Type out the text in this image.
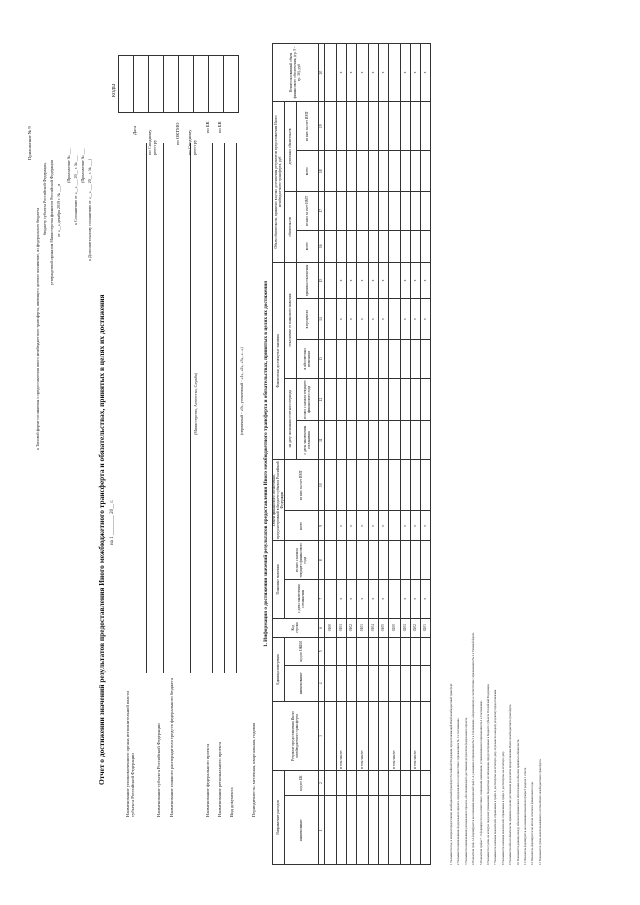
Приложение № 9
к Типовой форме соглашения о предоставлении иного межбюджетного трансферта, имеющего целевое назначение, из федерального бюджета
бюджету субъекта Российской Федерации, утвержденной приказом Министерства финансов Российской Федерации от «__» декабря 2019 г. № ___н
(Приложение № ___ к Соглашению от «__» ___ 20__ г. № ___ (Приложение № ___ к Дополнительному соглашению от «__» ___ 20__ г. № ___)
Отчет о достижении значений результатов предоставления Иного межбюджетного трансферта и обязательствах, принятых в целях их достижения на 1 ________ 20__ г.
Наименование уполномоченного органа исполнительной власти субъекта Российской Федерации	Наименование субъекта Российской Федерации Наименование главного распорядителя средств федерального бюджета
(Министерство, Агентство, Служба)
Наименование федерального проекта Наименование регионального проекта Вид документа
(первичный - «0», уточненный - «1», «2», «3», «...»)
Периодичность: месячная, квартальная, годовая
КОДЫ

Дата по Сводному реестру
по ОКТМО по Сводному реестру
по БК по БК
1. Информация о достижении значений результатов предоставления Иного межбюджетного трансферта и обязательствах, принятых в целях их достижения
Направление расходов		Результат предоставления Иного межбюджетного трансферта	Единица измерения		Код строки	Плановые значения		Объем финансового обеспечения, предусмотренный в бюджете субъекта Российской Федерации		Фактически достигнутые значения					Объем обязательств, принятых в целях достижения результатов предоставления Иного межбюджетного трансферта, руб				Неиспользованный объем финансового обеспечения, (гр. 9 - гр. 16), руб
наименование	код по БК		наименование	код по ОКЕИ		с даты заключения соглашения	из них с начала текущего финансового года	всего	из них за счет ИМТ	на дату окончания отчетного периода		отклонение от планового значения			обязательств		денежных обязательств		
										с даты заключения соглашения	из них с начала текущего финансового года	в абсолютных величинах	в процентах	причина отклонения	всего	из них за счет ИМТ	всего	из них за счет ИМТ	
1	2	3	4	5	6	7	8	9	10	11	12	13	14	15	16	17	18	19	20
					0100														
		в том числе:			0101	x		x					x	x					x
					0102	x		x					x	x					x
		в том числе:			0103	x		x					x	x					x
					0104	x		x					x	x					x
					0105	x		x					x	x					x
		в том числе:			0200														
					0201	x		x					x	x					x
		в том числе:			0202	x		x					x	x					x
					0203	x		x					x	x					x
1 Указывается год, в котором предоставлен межбюджетный трансферт Российской Федерации, предоставляющий Иной межбюджетный трансферт. 2 Указывается наименование федерального проекта, определяемого в соответствии с приложением № 1 к Соглашению. 3 Указывается наименование регионального проекта, обеспечивающего достижение результатов федерального проекта. 4 Показатели граф 1-4 формируются на основании показателей граф 1-4, указанных в приложении № 2 к Соглашению, оформленному в соответствии с приложением № 2 к Типовой форме. 5 Показатели графы 7 - 9 формируются в соответствии с плановыми значениями, установленными в приложении № 2 к Соглашению. 6 Указывается сумма, на которую подлежат уменьшению бюджетные ассигнования, предусмотренные в бюджете субъекта Российской Федерации. 7 Указываются значения показателей, отраженных в графе 4, достигнутые на отчетную дату, отдельно по каждому результату предоставления. 8 Указываются значения показателей, отраженных в графе 3, достигнутые на отчетную дату. 9 Указывается объем обязательств, принятых в целях достижения результатов предоставления Иного межбюджетного трансферта. 10 Указывается разница между объемом финансового обеспечения и объемом принятых обязательств. 11 Показатель формируется на основании показателя графы 9 раздела 1 отчета. 12 Показатель формируется по итогам отчетного финансового года. 13 Указывается сумма неиспользованного остатка Иного межбюджетного трансферта.
